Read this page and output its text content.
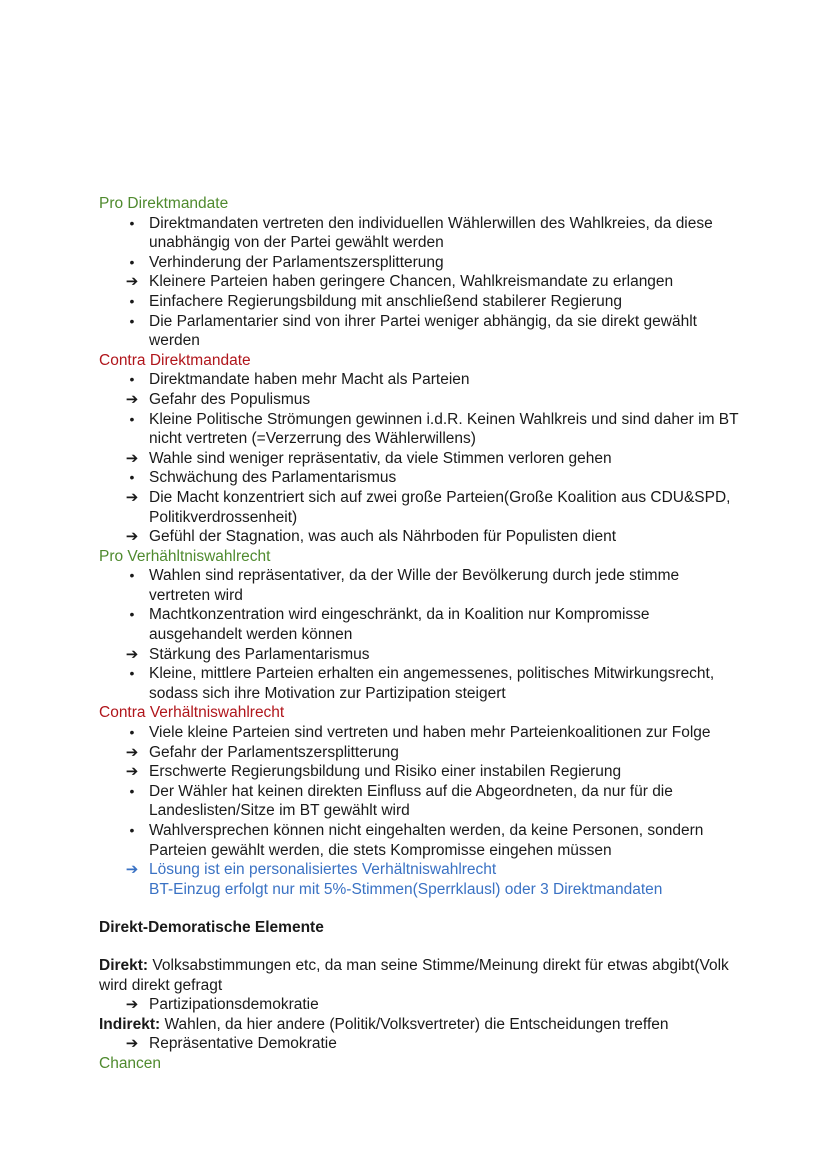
Pro Direktmandate
• Direktmandaten vertreten den individuellen Wählerwillen des Wahlkreies, da diese unabhängig von der Partei gewählt werden
• Verhinderung der Parlamentszersplitterung
➔ Kleinere Parteien haben geringere Chancen, Wahlkreismandate zu erlangen
• Einfachere Regierungsbildung mit anschließend stabilerer Regierung
• Die Parlamentarier sind von ihrer Partei weniger abhängig, da sie direkt gewählt werden
Contra Direktmandate
• Direktmandate haben mehr Macht als Parteien
➔ Gefahr des Populismus
• Kleine Politische Strömungen gewinnen i.d.R. Keinen Wahlkreis und sind daher im BT nicht vertreten (=Verzerrung des Wählerwillens)
➔ Wahle sind weniger repräsentativ, da viele Stimmen verloren gehen
• Schwächung des Parlamentarismus
➔ Die Macht konzentriert sich auf zwei große Parteien(Große Koalition aus CDU&SPD, Politikverdrossenheit)
➔ Gefühl der Stagnation, was auch als Nährboden für Populisten dient
Pro Verhähltniswahlrecht
• Wahlen sind repräsentativer, da der Wille der Bevölkerung durch jede stimme vertreten wird
• Machtkonzentration wird eingeschränkt, da in Koalition nur Kompromisse ausgehandelt werden können
➔ Stärkung des Parlamentarismus
• Kleine, mittlere Parteien erhalten ein angemessenes, politisches Mitwirkungsrecht, sodass sich ihre Motivation zur Partizipation steigert
Contra Verhältniswahlrecht
• Viele kleine Parteien sind vertreten und haben mehr Parteienkoalitionen zur Folge
➔ Gefahr der Parlamentszersplitterung
➔ Erschwerte Regierungsbildung und Risiko einer instabilen Regierung
• Der Wähler hat keinen direkten Einfluss auf die Abgeordneten, da nur für die Landeslisten/Sitze im BT gewählt wird
• Wahlversprechen können nicht eingehalten werden, da keine Personen, sondern Parteien gewählt werden, die stets Kompromisse eingehen müssen
➔ Lösung ist ein personalisiertes Verhältniswahlrecht
BT-Einzug erfolgt nur mit 5%-Stimmen(Sperrklausl) oder 3 Direktmandaten
Direkt-Demoratische Elemente

Direkt: Volksabstimmungen etc, da man seine Stimme/Meinung direkt für etwas abgibt(Volk wird direkt gefragt

➔ Partizipationsdemokratie

Indirekt: Wahlen, da hier andere (Politik/Volksvertreter) die Entscheidungen treffen

➔ Repräsentative Demokratie
Chancen
